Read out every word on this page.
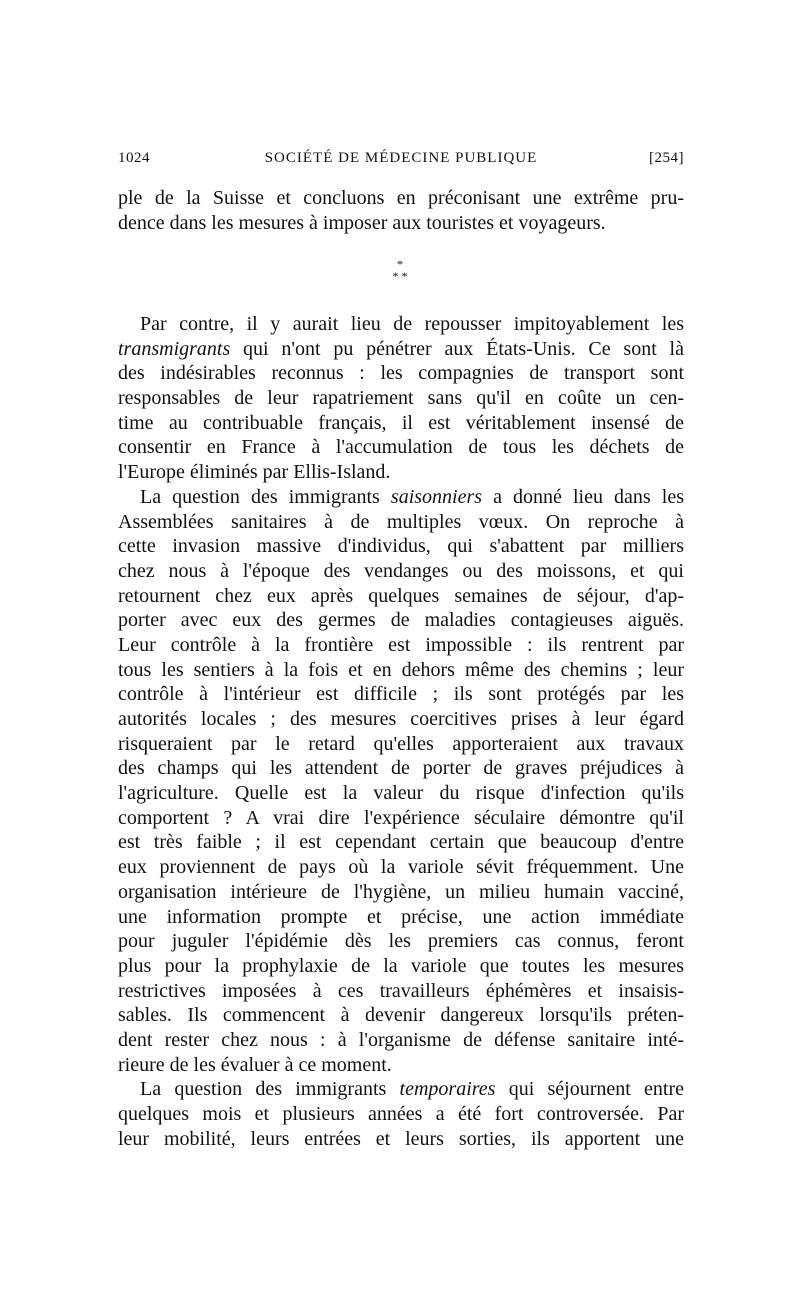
1024	SOCIÉTÉ DE MÉDECINE PUBLIQUE	[254]
ple de la Suisse et concluons en préconisant une extrême pru-
dence dans les mesures à imposer aux touristes et voyageurs.
*
* *
Par contre, il y aurait lieu de repousser impitoyablement les
transmigrants qui n'ont pu pénétrer aux États-Unis. Ce sont là
des indésirables reconnus : les compagnies de transport sont
responsables de leur rapatriement sans qu'il en coûte un cen-
time au contribuable français, il est véritablement insensé de
consentir en France à l'accumulation de tous les déchets de
l'Europe éliminés par Ellis-Island.
La question des immigrants saisonniers a donné lieu dans les
Assemblées sanitaires à de multiples vœux. On reproche à
cette invasion massive d'individus, qui s'abattent par milliers
chez nous à l'époque des vendanges ou des moissons, et qui
retournent chez eux après quelques semaines de séjour, d'ap-
porter avec eux des germes de maladies contagieuses aiguës.
Leur contrôle à la frontière est impossible : ils rentrent par
tous les sentiers à la fois et en dehors même des chemins ; leur
contrôle à l'intérieur est difficile ; ils sont protégés par les
autorités locales ; des mesures coercitives prises à leur égard
risqueraient par le retard qu'elles apporteraient aux travaux
des champs qui les attendent de porter de graves préjudices à
l'agriculture. Quelle est la valeur du risque d'infection qu'ils
comportent ? A vrai dire l'expérience séculaire démontre qu'il
est très faible ; il est cependant certain que beaucoup d'entre
eux proviennent de pays où la variole sévit fréquemment. Une
organisation intérieure de l'hygiène, un milieu humain vacciné,
une information prompte et précise, une action immédiate
pour juguler l'épidémie dès les premiers cas connus, feront
plus pour la prophylaxie de la variole que toutes les mesures
restrictives imposées à ces travailleurs éphémères et insaisis-
sables. Ils commencent à devenir dangereux lorsqu'ils préten-
dent rester chez nous : à l'organisme de défense sanitaire inté-
rieure de les évaluer à ce moment.
La question des immigrants temporaires qui séjournent entre
quelques mois et plusieurs années a été fort controversée. Par
leur mobilité, leurs entrées et leurs sorties, ils apportent une
